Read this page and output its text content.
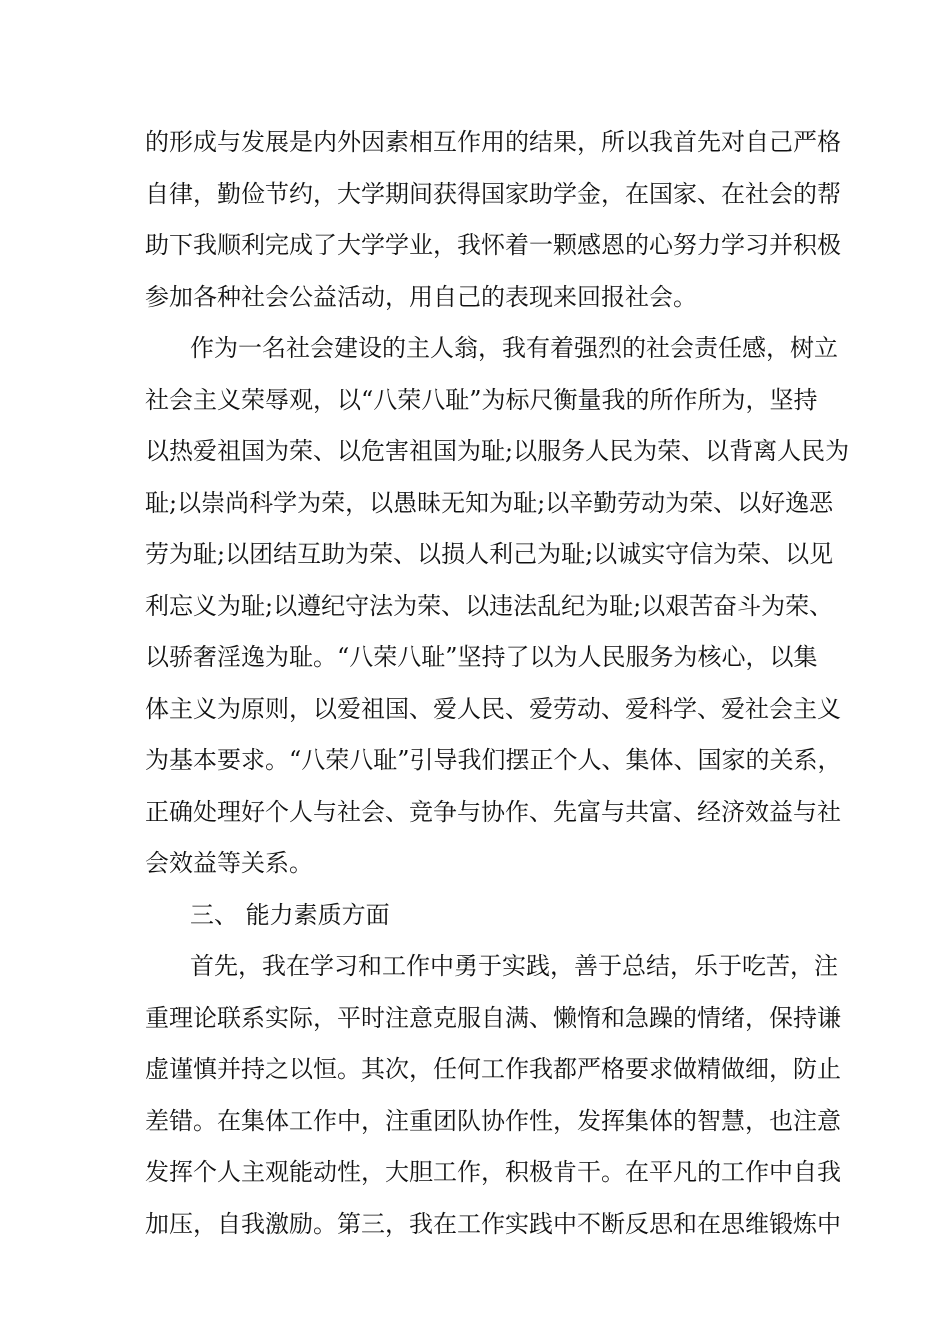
的形成与发展是内外因素相互作用的结果，所以我首先对自己严格
自律，勤俭节约，大学期间获得国家助学金，在国家、在社会的帮
助下我顺利完成了大学学业，我怀着一颗感恩的心努力学习并积极
参加各种社会公益活动，用自己的表现来回报社会。
作为一名社会建设的主人翁，我有着强烈的社会责任感，树立
社会主义荣辱观，以“八荣八耻”为标尺衡量我的所作所为，坚持
以热爱祖国为荣、以危害祖国为耻;以服务人民为荣、以背离人民为
耻;以崇尚科学为荣，以愚昧无知为耻;以辛勤劳动为荣、以好逸恶
劳为耻;以团结互助为荣、以损人利己为耻;以诚实守信为荣、以见
利忘义为耻;以遵纪守法为荣、以违法乱纪为耻;以艰苦奋斗为荣、
以骄奢淫逸为耻。“八荣八耻”坚持了以为人民服务为核心，以集
体主义为原则，以爱祖国、爱人民、爱劳动、爱科学、爱社会主义
为基本要求。“八荣八耻”引导我们摆正个人、集体、国家的关系，
正确处理好个人与社会、竞争与协作、先富与共富、经济效益与社
会效益等关系。
三、 能力素质方面
首先，我在学习和工作中勇于实践，善于总结，乐于吃苦，注
重理论联系实际，平时注意克服自满、懒惰和急躁的情绪，保持谦
虚谨慎并持之以恒。其次，任何工作我都严格要求做精做细，防止
差错。在集体工作中，注重团队协作性，发挥集体的智慧，也注意
发挥个人主观能动性，大胆工作，积极肯干。在平凡的工作中自我
加压，自我激励。第三，我在工作实践中不断反思和在思维锻炼中
